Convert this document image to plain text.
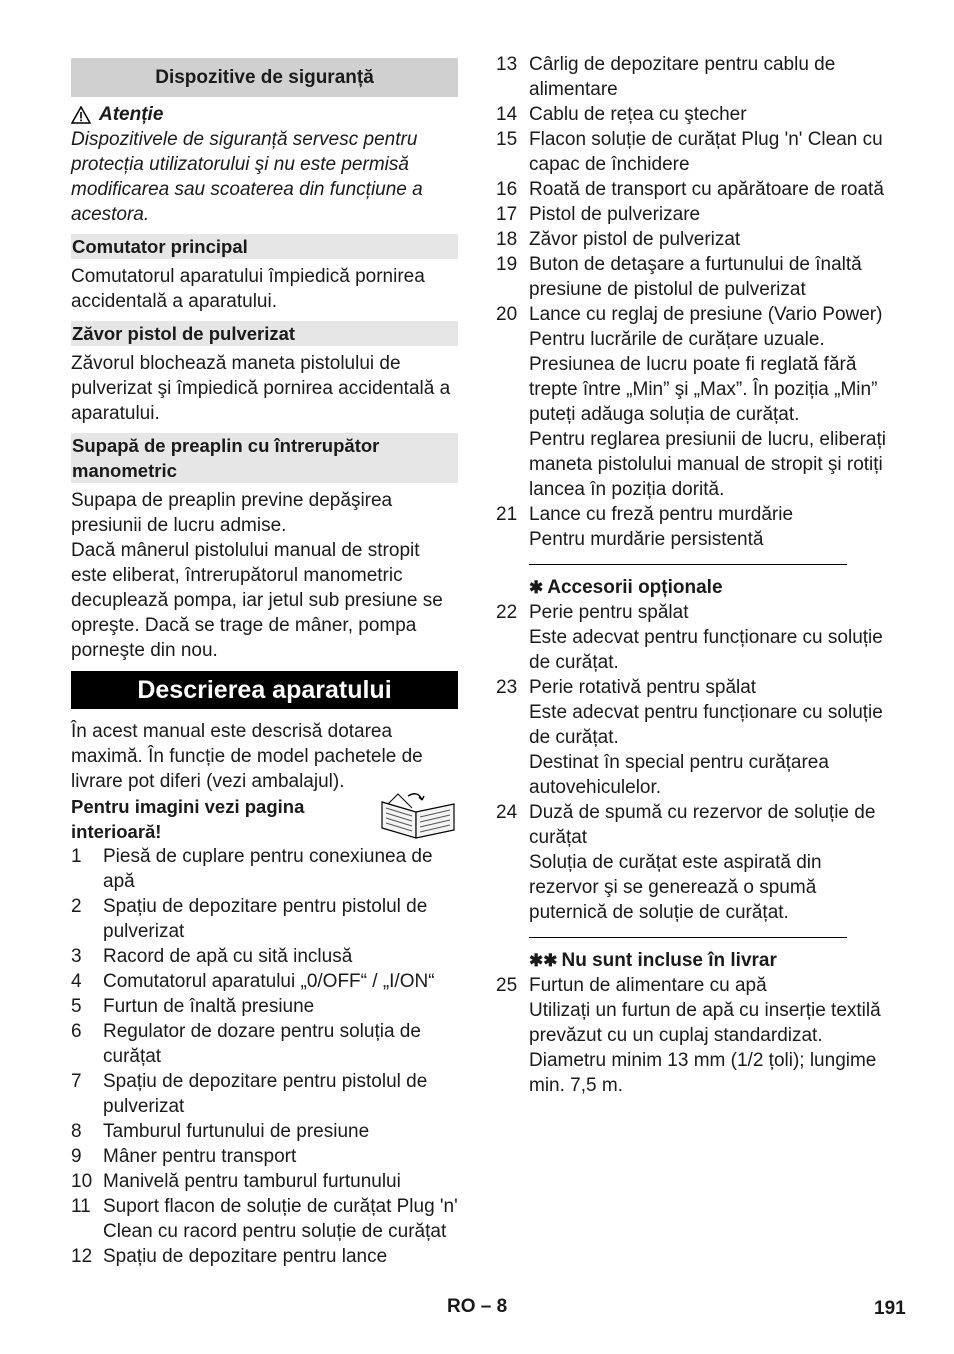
Dispozitive de siguranță
Atenție

Dispozitivele de siguranță servesc pentru protecția utilizatorului şi nu este permisă modificarea sau scoaterea din funcțiune a acestora.

Comutator principal

Comutatorul aparatului împiedică pornirea accidentală a aparatului.

Zăvor pistol de pulverizat

Zăvorul blochează maneta pistolului de pulverizat şi împiedică pornirea accidentală a aparatului.

Supapă de preaplin cu întrerupător manometric

Supapa de preaplin previne depăşirea presiunii de lucru admise.

Dacă mânerul pistolului manual de stropit este eliberat, întrerupătorul manometric decuplează pompa, iar jetul sub presiune se opreşte. Dacă se trage de mâner, pompa porneşte din nou.

Descrierea aparatului

În acest manual este descrisă dotarea maximă. În funcție de model pachetele de livrare pot diferi (vezi ambalajul).

Pentru imagini vezi pagina interioară!
1	Piesă de cuplare pentru conexiunea de apă
2	Spațiu de depozitare pentru pistolul de pulverizat
3	Racord de apă cu sită inclusă
4	Comutatorul aparatului „0/OFF“ / „I/ON“
5	Furtun de înaltă presiune
6	Regulator de dozare pentru soluția de curățat
7	Spațiu de depozitare pentru pistolul de pulverizat
8	Tamburul furtunului de presiune
9	Mâner pentru transport
10 Manivelă pentru tamburul furtunului
11 Suport flacon de soluție de curățat Plug 'n' Clean cu racord pentru soluție de curățat
12 Spațiu de depozitare pentru lance
13 Cârlig de depozitare pentru cablu de alimentare
14 Cablu de rețea cu ştecher
15 Flacon soluție de curățat Plug 'n' Clean cu capac de închidere
16 Roată de transport cu apărătoare de roată
17 Pistol de pulverizare
18 Zăvor pistol de pulverizat
19 Buton de detaşare a furtunului de înaltă presiune de pistolul de pulverizat
20 Lance cu reglaj de presiune (Vario Power)
Pentru lucrările de curățare uzuale. Presiunea de lucru poate fi reglată fără trepte între „Min” şi „Max”. În poziția „Min” puteți adăuga soluția de curățat.
Pentru reglarea presiunii de lucru, eliberați maneta pistolului manual de stropit şi rotiți lancea în poziția dorită.
21 Lance cu freză pentru murdărie
Pentru murdărie persistentă
✱ Accesorii opționale
22 Perie pentru spălat
Este adecvat pentru funcționare cu soluție de curățat.
23 Perie rotativă pentru spălat
Este adecvat pentru funcționare cu soluție de curățat.
Destinat în special pentru curățarea autovehiculelor.
24 Duză de spumă cu rezervor de soluție de curățat
Soluția de curățat este aspirată din rezervor şi se generează o spumă puternică de soluție de curățat.
✱✱ Nu sunt incluse în livrar
25 Furtun de alimentare cu apă
Utilizați un furtun de apă cu inserție textilă prevăzut cu un cuplaj standardizat. Diametru minim 13 mm (1/2 țoli); lungime min. 7,5 m.
RO – 8	191
